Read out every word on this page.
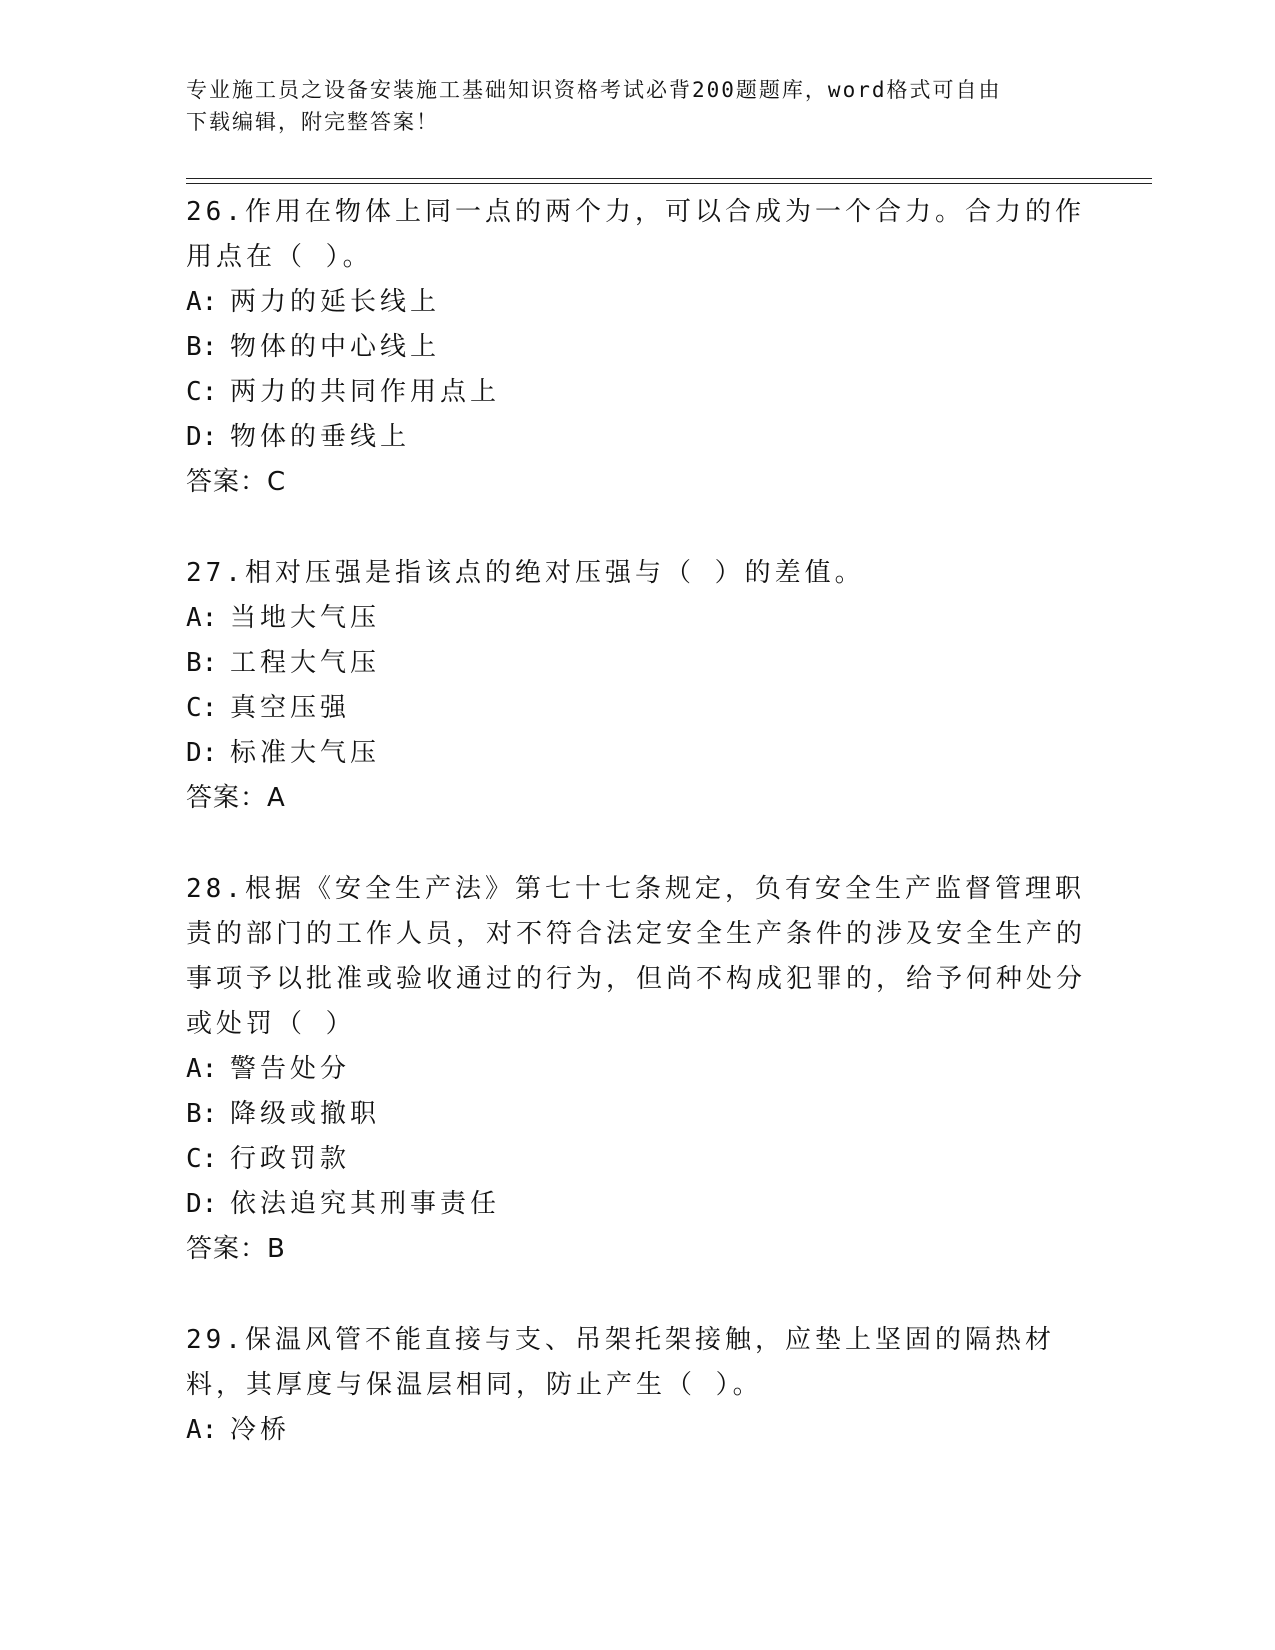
专业施工员之设备安装施工基础知识资格考试必背200题题库，word格式可自由
下载编辑，附完整答案！

26.作用在物体上同一点的两个力，可以合成为一个合力。合力的作用点在（ ）。

A: 两力的延长线上

B: 物体的中心线上

C: 两力的共同作用点上

D: 物体的垂线上

答案：C

27.相对压强是指该点的绝对压强与（ ）的差值。

A: 当地大气压

B: 工程大气压

C: 真空压强

D: 标准大气压

答案：A

28.根据《安全生产法》第七十七条规定，负有安全生产监督管理职责的部门的工作人员，对不符合法定安全生产条件的涉及安全生产的事项予以批准或验收通过的行为，但尚不构成犯罪的，给予何种处分或处罚（ ）

A: 警告处分

B: 降级或撤职

C: 行政罚款

D: 依法追究其刑事责任

答案：B

29.保温风管不能直接与支、吊架托架接触，应垫上坚固的隔热材料，其厚度与保温层相同，防止产生（ ）。

A: 冷桥
